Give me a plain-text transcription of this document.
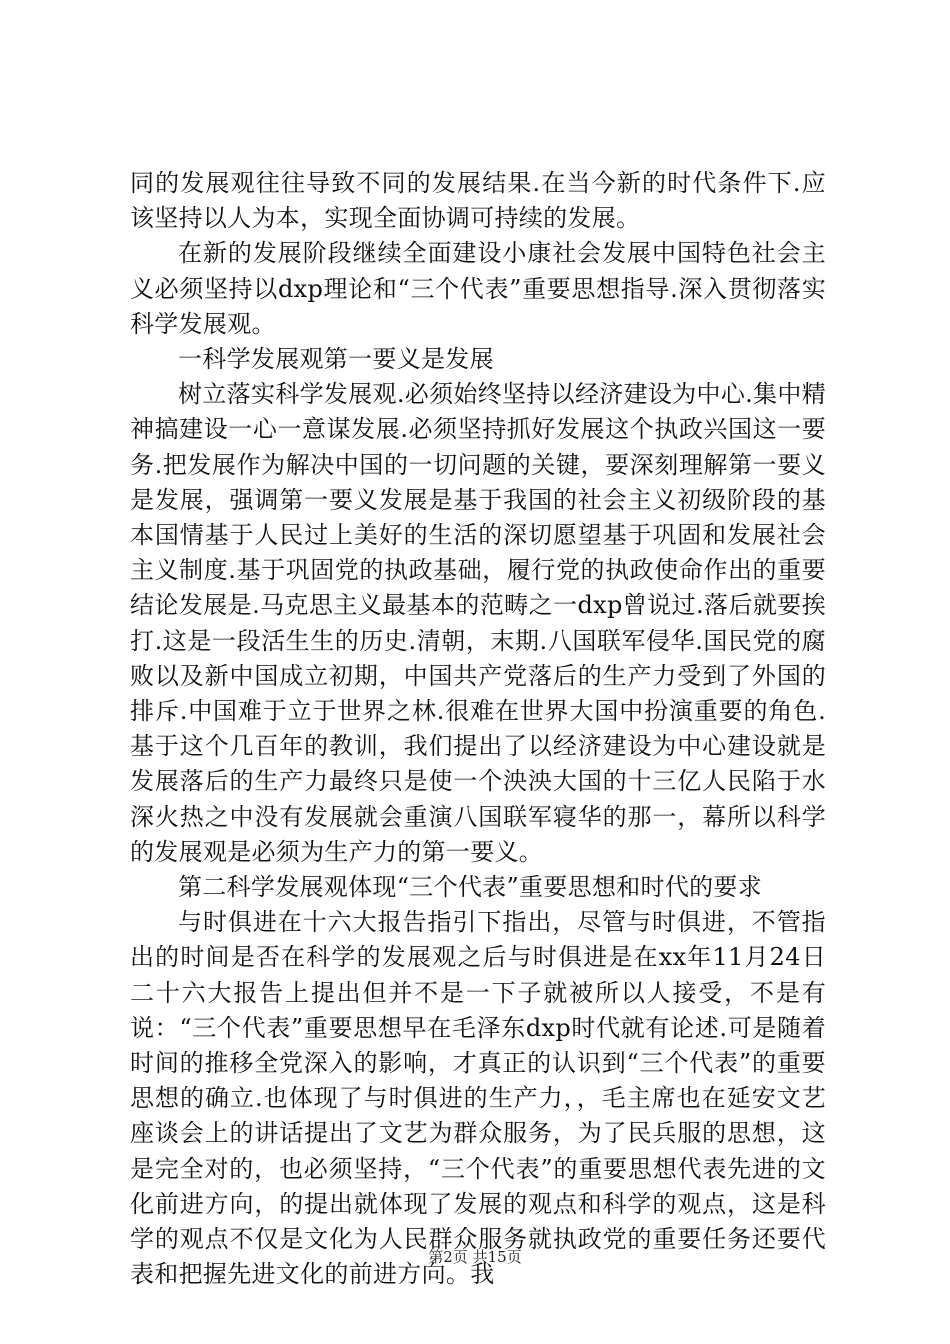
同的发展观往往导致不同的发展结果.在当今新的时代条件下.应该坚持以人为本，实现全面协调可持续的发展。

在新的发展阶段继续全面建设小康社会发展中国特色社会主义必须坚持以dxp理论和“三个代表”重要思想指导.深入贯彻落实科学发展观。

一科学发展观第一要义是发展

树立落实科学发展观.必须始终坚持以经济建设为中心.集中精神搞建设一心一意谋发展.必须坚持抓好发展这个执政兴国这一要务.把发展作为解决中国的一切问题的关键，要深刻理解第一要义是发展，强调第一要义发展是基于我国的社会主义初级阶段的基本国情基于人民过上美好的生活的深切愿望基于巩固和发展社会主义制度.基于巩固党的执政基础，履行党的执政使命作出的重要结论发展是.马克思主义最基本的范畴之一dxp曾说过.落后就要挨打.这是一段活生生的历史.清朝，末期.八国联军侵华.国民党的腐败以及新中国成立初期，中国共产党落后的生产力受到了外国的排斥.中国难于立于世界之林.很难在世界大国中扮演重要的角色.基于这个几百年的教训，我们提出了以经济建设为中心建设就是发展落后的生产力最终只是使一个泱泱大国的十三亿人民陷于水深火热之中没有发展就会重演八国联军寝华的那一，幕所以科学的发展观是必须为生产力的第一要义。

第二科学发展观体现“三个代表”重要思想和时代的要求

与时俱进在十六大报告指引下指出，尽管与时俱进，不管指出的时间是否在科学的发展观之后与时俱进是在xx年11月24日二十六大报告上提出但并不是一下子就被所以人接受，不是有说：“三个代表”重要思想早在毛泽东dxp时代就有论述.可是随着时间的推移全党深入的影响，才真正的认识到“三个代表”的重要思想的确立.也体现了与时俱进的生产力，，毛主席也在延安文艺座谈会上的讲话提出了文艺为群众服务，为了民兵服的思想，这是完全对的，也必须坚持，“三个代表”的重要思想代表先进的文化前进方向，的提出就体现了发展的观点和科学的观点，这是科学的观点不仅是文化为人民群众服务就执政党的重要任务还要代表和把握先进文化的前进方向。我

第2页 共15页
